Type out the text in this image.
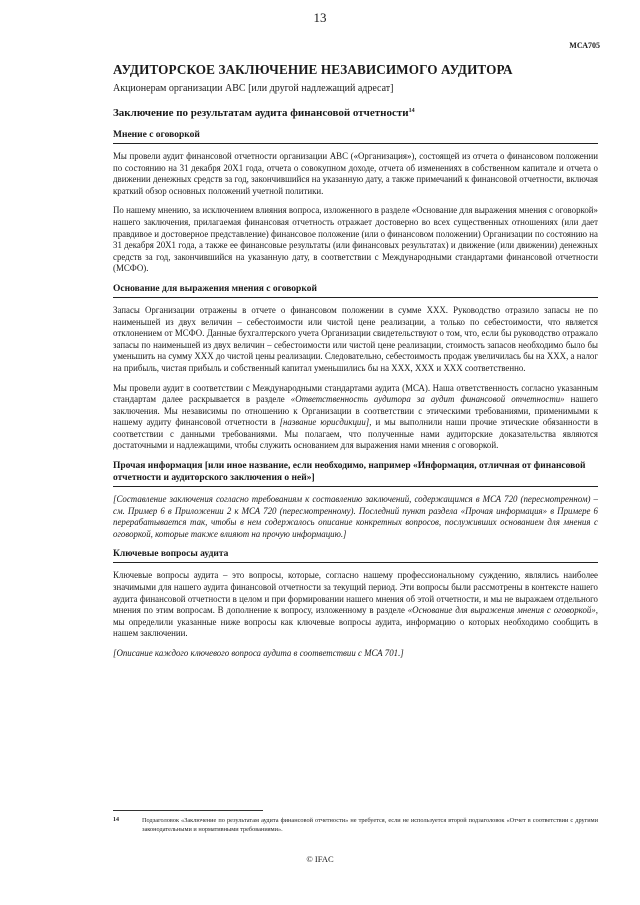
13
МСА705
АУДИТОРСКОЕ ЗАКЛЮЧЕНИЕ НЕЗАВИСИМОГО АУДИТОРА
Акционерам организации АВС [или другой надлежащий адресат]
Заключение по результатам аудита финансовой отчетности$^{14}$
Мнение с оговоркой

Мы провели аудит финансовой отчетности организации АВС («Организация»), состоящей из отчета о финансовом положении по состоянию на 31 декабря 20Х1 года, отчета о совокупном доходе, отчета об изменениях в собственном капитале и отчета о движении денежных средств за год, закончившийся на указанную дату, а также примечаний к финансовой отчетности, включая краткий обзор основных положений учетной политики.

По нашему мнению, за исключением влияния вопроса, изложенного в разделе «Основание для выражения мнения с оговоркой» нашего заключения, прилагаемая финансовая отчетность отражает достоверно во всех существенных отношениях (или дает правдивое и достоверное представление) финансовое положение (или о финансовом положении) Организации по состоянию на 31 декабря 20Х1 года, а также ее финансовые результаты (или финансовых результатах) и движение (или движении) денежных средств за год, закончившийся на указанную дату, в соответствии с Международными стандартами финансовой отчетности (МСФО).

Основание для выражения мнения с оговоркой

Запасы Организации отражены в отчете о финансовом положении в сумме ХХХ. Руководство отразило запасы не по наименьшей из двух величин – себестоимости или чистой цене реализации, а только по себестоимости, что является отклонением от МСФО. Данные бухгалтерского учета Организации свидетельствуют о том, что, если бы руководство отражало запасы по наименьшей из двух величин – себестоимости или чистой цене реализации, стоимость запасов необходимо было бы уменьшить на сумму ХХХ до чистой цены реализации. Следовательно, себестоимость продаж увеличилась бы на ХХХ, а налог на прибыль, чистая прибыль и собственный капитал уменьшились бы на ХХХ, ХХХ и ХХХ соответственно.

Мы провели аудит в соответствии с Международными стандартами аудита (МСА). Наша ответственность согласно указанным стандартам далее раскрывается в разделе «Ответственность аудитора за аудит финансовой отчетности» нашего заключения. Мы независимы по отношению к Организации в соответствии с этическими требованиями, применимыми к нашему аудиту финансовой отчетности в [название юрисдикции], и мы выполнили наши прочие этические обязанности в соответствии с данными требованиями. Мы полагаем, что полученные нами аудиторские доказательства являются достаточными и надлежащими, чтобы служить основанием для выражения нами мнения с оговоркой.

Прочая информация [или иное название, если необходимо, например «Информация, отличная от финансовой отчетности и аудиторского заключения о ней»]

[Составление заключения согласно требованиям к составлению заключений, содержащимся в МСА 720 (пересмотренном) – см. Пример 6 в Приложении 2 к МСА 720 (пересмотренному). Последний пункт раздела «Прочая информация» в Примере 6 перерабатывается так, чтобы в нем содержалось описание конкретных вопросов, послуживших основанием для мнения с оговоркой, которые также влияют на прочую информацию.]

Ключевые вопросы аудита

Ключевые вопросы аудита – это вопросы, которые, согласно нашему профессиональному суждению, являлись наиболее значимыми для нашего аудита финансовой отчетности за текущий период. Эти вопросы были рассмотрены в контексте нашего аудита финансовой отчетности в целом и при формировании нашего мнения об этой отчетности, и мы не выражаем отдельного мнения по этим вопросам. В дополнение к вопросу, изложенному в разделе «Основание для выражения мнения с оговоркой», мы определили указанные ниже вопросы как ключевые вопросы аудита, информацию о которых необходимо сообщить в нашем заключении.

[Описание каждого ключевого вопроса аудита в соответствии с МСА 701.]

14	Подзаголовок «Заключение по результатам аудита финансовой отчетности» не требуется, если не используется второй подзаголовок «Отчет в соответствии с другими законодательными и нормативными требованиями».
© IFAC
